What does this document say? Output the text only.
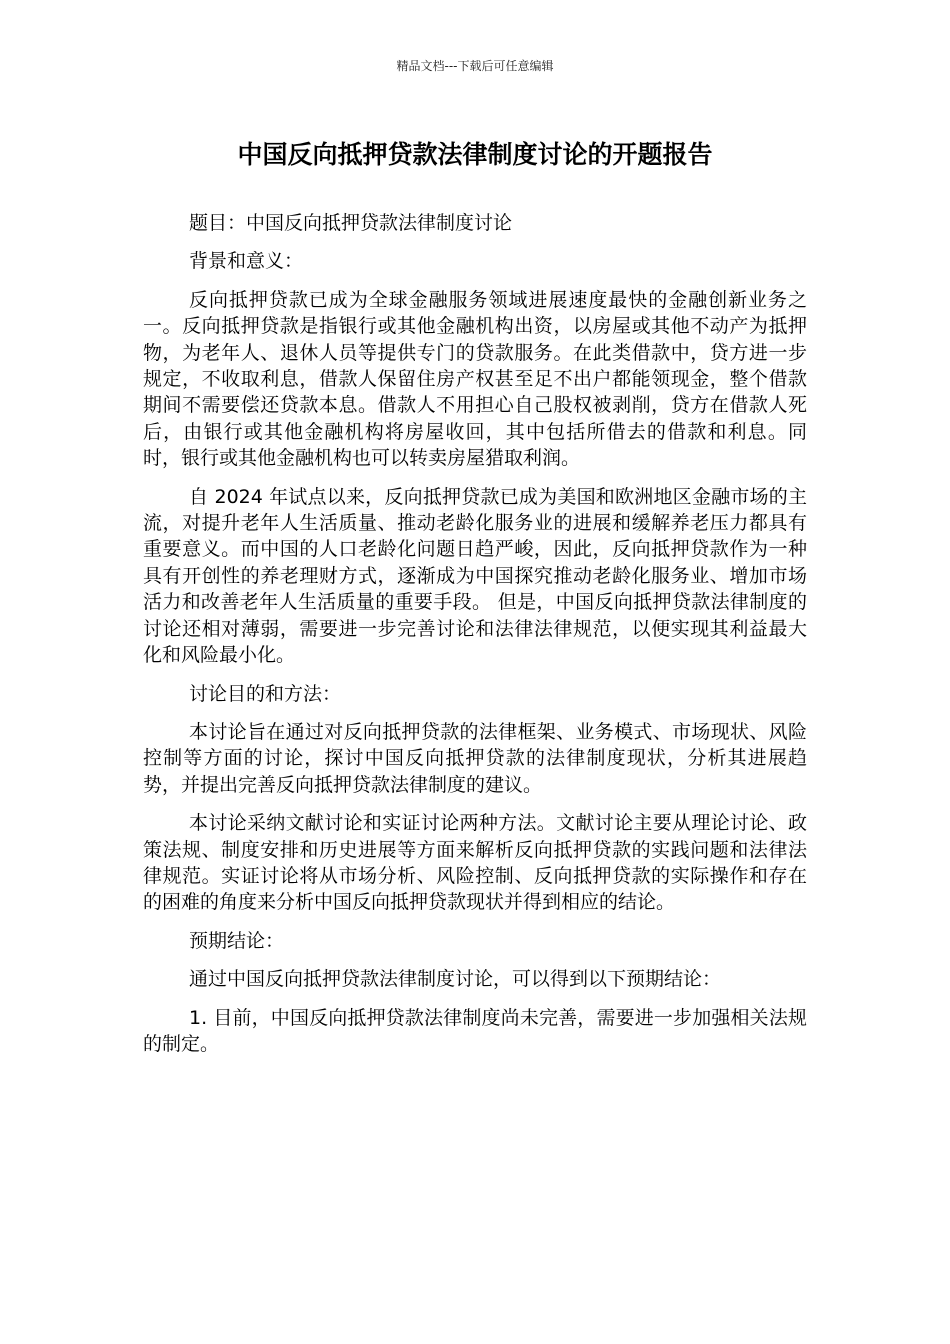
精品文档---下载后可任意编辑
中国反向抵押贷款法律制度讨论的开题报告

题目：中国反向抵押贷款法律制度讨论

背景和意义：

反向抵押贷款已成为全球金融服务领域进展速度最快的金融创新业务之一。反向抵押贷款是指银行或其他金融机构出资，以房屋或其他不动产为抵押物，为老年人、退休人员等提供专门的贷款服务。在此类借款中，贷方进一步规定，不收取利息，借款人保留住房产权甚至足不出户都能领现金，整个借款期间不需要偿还贷款本息。借款人不用担心自己股权被剥削，贷方在借款人死后，由银行或其他金融机构将房屋收回，其中包括所借去的借款和利息。同时，银行或其他金融机构也可以转卖房屋猎取利润。

自 2024 年试点以来，反向抵押贷款已成为美国和欧洲地区金融市场的主流，对提升老年人生活质量、推动老龄化服务业的进展和缓解养老压力都具有重要意义。而中国的人口老龄化问题日趋严峻，因此，反向抵押贷款作为一种具有开创性的养老理财方式，逐渐成为中国探究推动老龄化服务业、增加市场活力和改善老年人生活质量的重要手段。 但是，中国反向抵押贷款法律制度的讨论还相对薄弱，需要进一步完善讨论和法律法律规范，以便实现其利益最大化和风险最小化。

讨论目的和方法：

本讨论旨在通过对反向抵押贷款的法律框架、业务模式、市场现状、风险控制等方面的讨论，探讨中国反向抵押贷款的法律制度现状，分析其进展趋势，并提出完善反向抵押贷款法律制度的建议。

本讨论采纳文献讨论和实证讨论两种方法。文献讨论主要从理论讨论、政策法规、制度安排和历史进展等方面来解析反向抵押贷款的实践问题和法律法律规范。实证讨论将从市场分析、风险控制、反向抵押贷款的实际操作和存在的困难的角度来分析中国反向抵押贷款现状并得到相应的结论。

预期结论：

通过中国反向抵押贷款法律制度讨论，可以得到以下预期结论：

1. 目前，中国反向抵押贷款法律制度尚未完善，需要进一步加强相关法规的制定。
